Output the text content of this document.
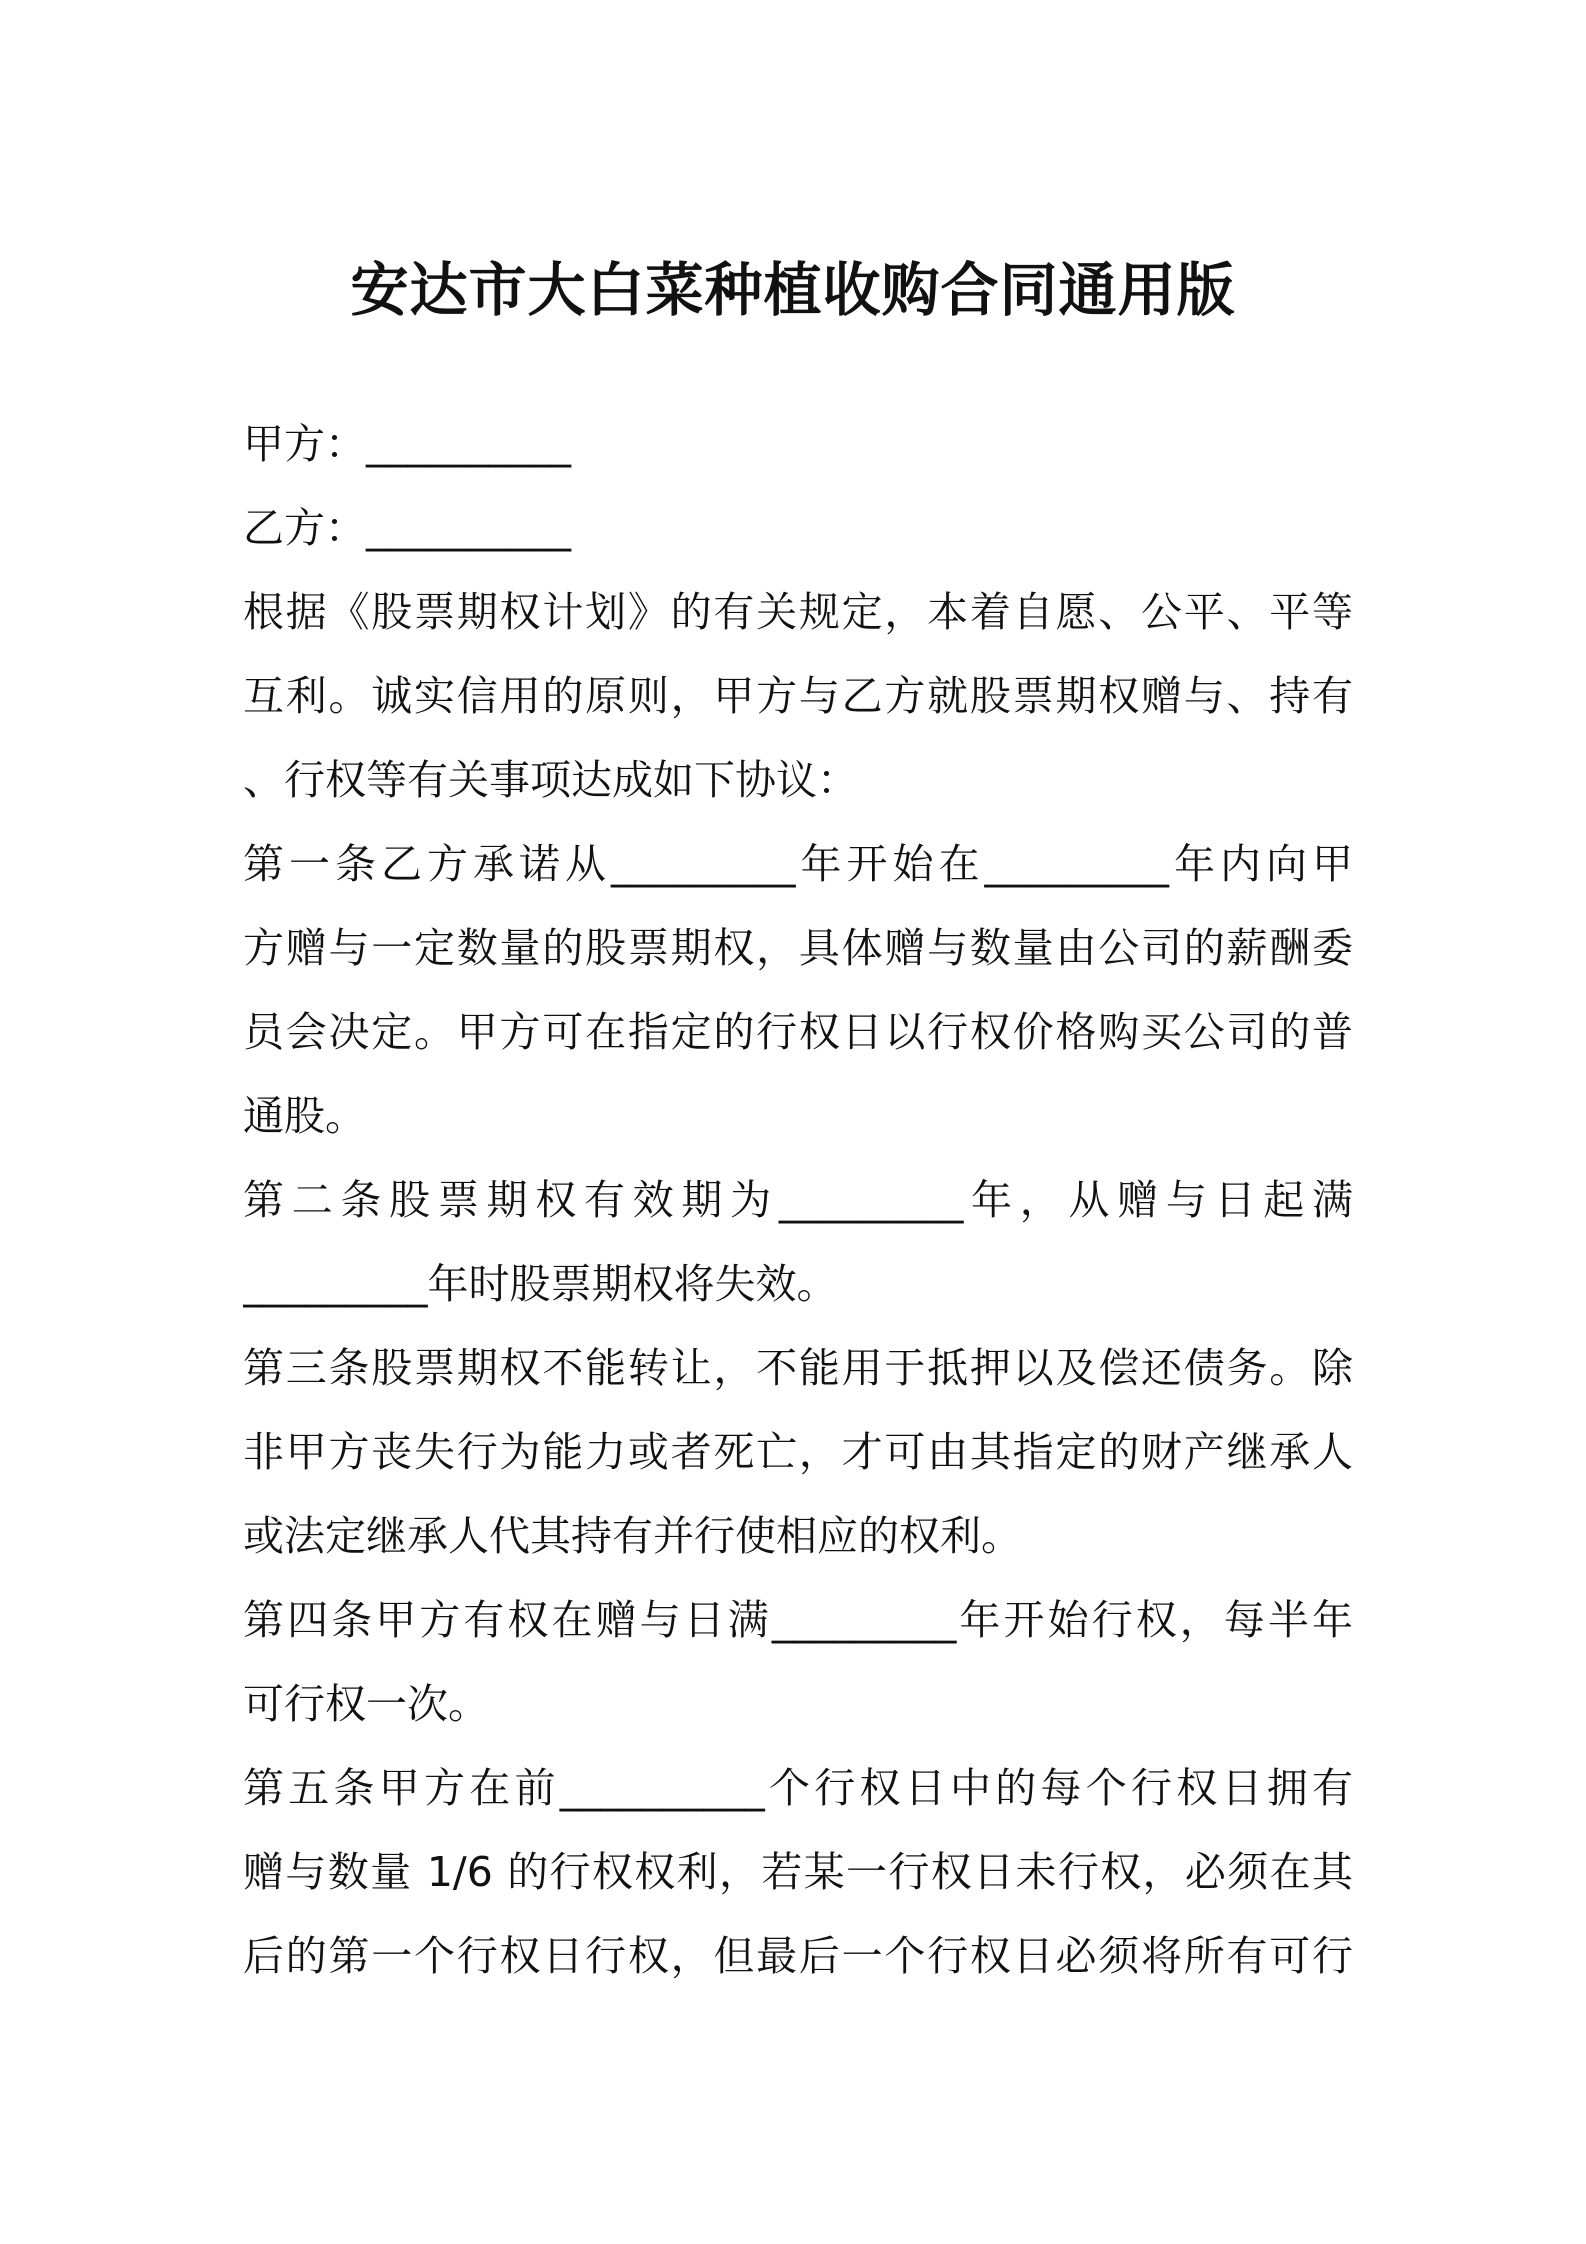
安达市大白菜种植收购合同通用版

甲方：__________

乙方：__________

根据《股票期权计划》的有关规定，本着自愿、公平、平等

互利。诚实信用的原则，甲方与乙方就股票期权赠与、持有

、行权等有关事项达成如下协议：

第一条乙方承诺从_________年开始在_________年内向甲

方赠与一定数量的股票期权，具体赠与数量由公司的薪酬委

员会决定。甲方可在指定的行权日以行权价格购买公司的普

通股。

第二条股票期权有效期为_________年，从赠与日起满

_________年时股票期权将失效。

第三条股票期权不能转让，不能用于抵押以及偿还债务。除

非甲方丧失行为能力或者死亡，才可由其指定的财产继承人

或法定继承人代其持有并行使相应的权利。

第四条甲方有权在赠与日满_________年开始行权，每半年

可行权一次。

第五条甲方在前__________个行权日中的每个行权日拥有

赠与数量 1/6 的行权权利，若某一行权日未行权，必须在其

后的第一个行权日行权，但最后一个行权日必须将所有可行
